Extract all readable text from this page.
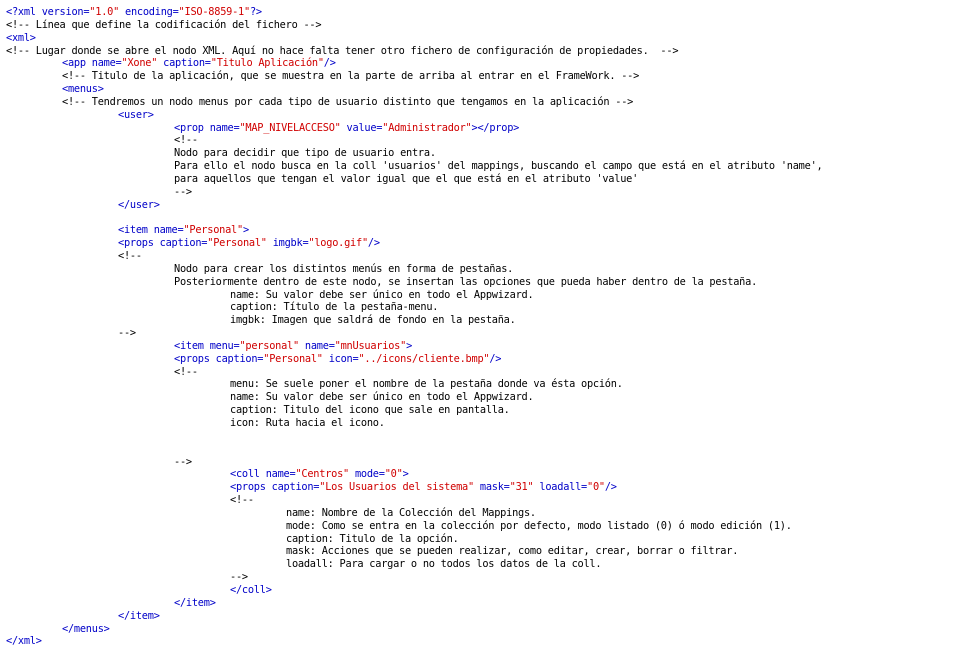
<?xml version="1.0" encoding="ISO-8859-1"?>
<!-- Línea que define la codificación del fichero -->
<xml>
<!-- Lugar donde se abre el nodo XML. Aquí no hace falta tener otro fichero de configuración de propiedades.  -->
<app name="Xone" caption="Titulo Aplicación"/>
<!-- Titulo de la aplicación, que se muestra en la parte de arriba al entrar en el FrameWork. -->
<menus>
<!-- Tendremos un nodo menus por cada tipo de usuario distinto que tengamos en la aplicación -->
<user>
<prop name="MAP_NIVELACCESO" value="Administrador"></prop>
<!--
Nodo para decidir que tipo de usuario entra.
Para ello el nodo busca en la coll 'usuarios' del mappings, buscando el campo que está en el atributo 'name',
para aquellos que tengan el valor igual que el que está en el atributo 'value'
-->
</user>
<item name="Personal">
<props caption="Personal" imgbk="logo.gif"/>
<!--
Nodo para crear los distintos menús en forma de pestañas.
Posteriormente dentro de este nodo, se insertan las opciones que pueda haber dentro de la pestaña.
name: Su valor debe ser único en todo el Appwizard.
caption: Título de la pestaña-menu.
imgbk: Imagen que saldrá de fondo en la pestaña.
-->
<item menu="personal" name="mnUsuarios">
<props caption="Personal" icon="../icons/cliente.bmp"/>
<!--
menu: Se suele poner el nombre de la pestaña donde va ésta opción.
name: Su valor debe ser único en todo el Appwizard.
caption: Titulo del icono que sale en pantalla.
icon: Ruta hacia el icono.
-->
<coll name="Centros" mode="0">
<props caption="Los Usuarios del sistema" mask="31" loadall="0"/>
<!--
name: Nombre de la Colección del Mappings.
mode: Como se entra en la colección por defecto, modo listado (0) ó modo edición (1).
caption: Titulo de la opción.
mask: Acciones que se pueden realizar, como editar, crear, borrar o filtrar.
loadall: Para cargar o no todos los datos de la coll.
-->
</coll>
</item>
</item>
</menus>
</xml>
